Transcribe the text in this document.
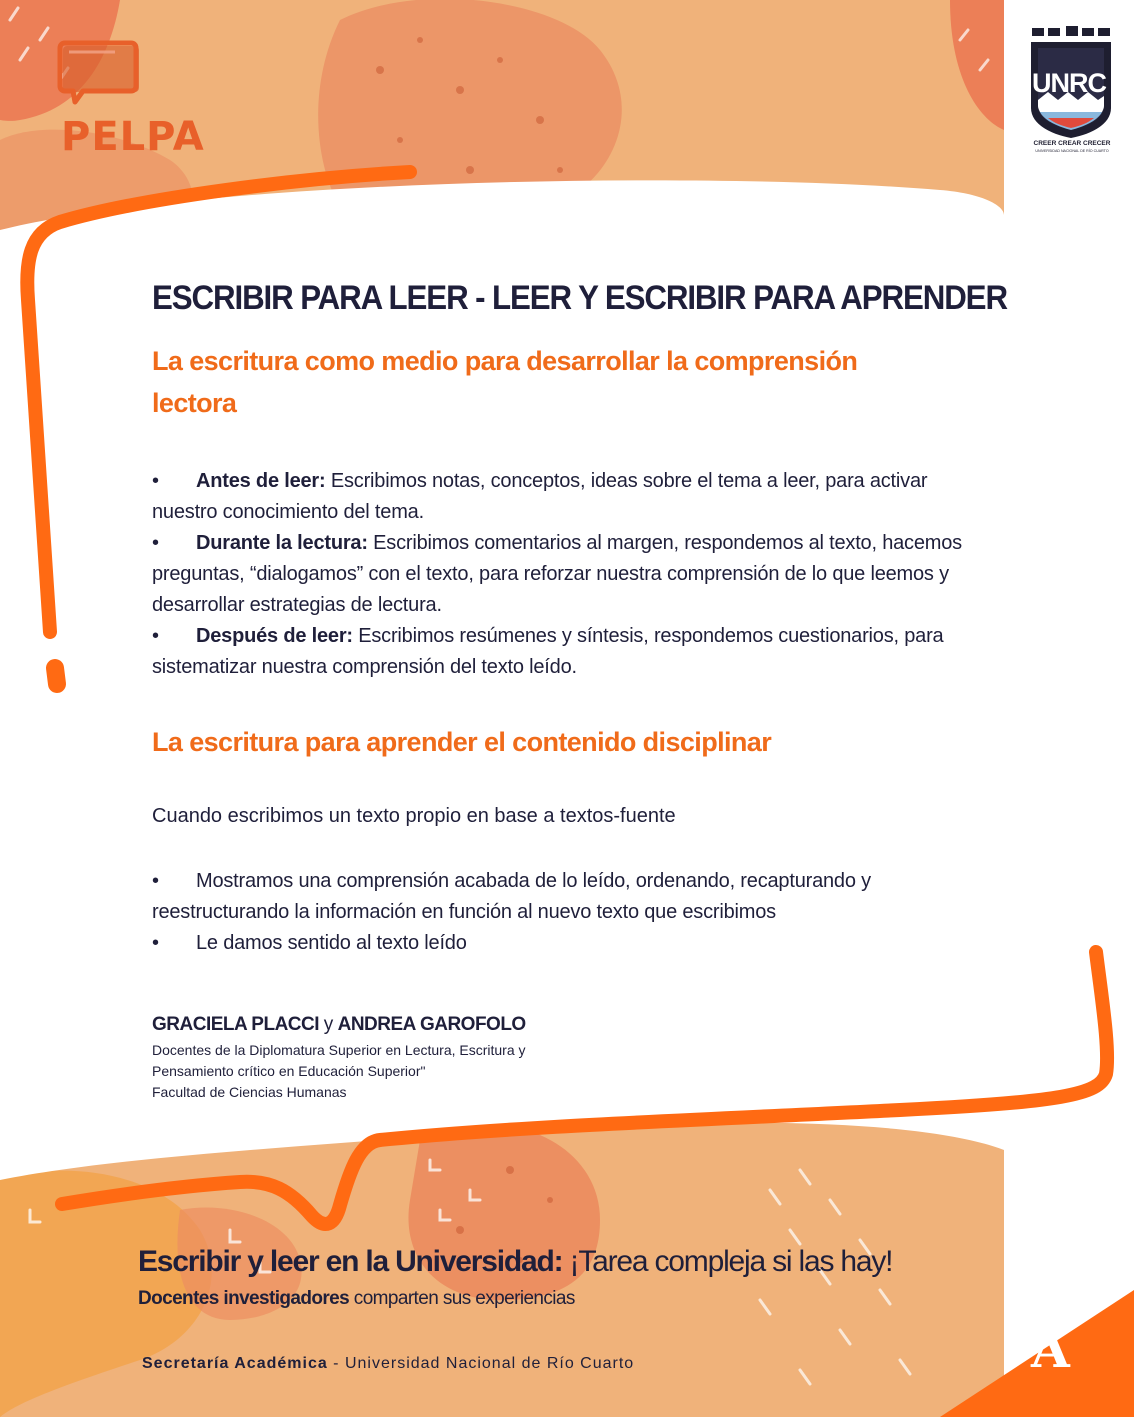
PELPA
UNRC
CREER CREAR CRECER
UNIVERSIDAD NACIONAL DE RÍO CUARTO
ESCRIBIR PARA LEER - LEER Y ESCRIBIR PARA APRENDER
La escritura como medio para desarrollar la comprensión lectora
• Antes de leer: Escribimos notas, conceptos, ideas sobre el tema a leer, para activar nuestro conocimiento del tema.
• Durante la lectura: Escribimos comentarios al margen, respondemos al texto, hacemos preguntas, “dialogamos” con el texto, para reforzar nuestra comprensión de lo que leemos y desarrollar estrategias de lectura.
• Después de leer: Escribimos resúmenes y síntesis, respondemos cuestionarios, para sistematizar nuestra comprensión del texto leído.
La escritura para aprender el contenido disciplinar

Cuando escribimos un texto propio en base a textos-fuente

• Mostramos una comprensión acabada de lo leído, ordenando, recapturando y reestructurando la información en función al nuevo texto que escribimos
• Le damos sentido al texto leído
GRACIELA PLACCI y ANDREA GAROFOLO
Docentes de la Diplomatura Superior en Lectura, Escritura y
Pensamiento crítico en Educación Superior"
Facultad de Ciencias Humanas
Escribir y leer en la Universidad: ¡Tarea compleja si las hay!
Docentes investigadores comparten sus experiencias
Secretaría Académica - Universidad Nacional de Río Cuarto	A
